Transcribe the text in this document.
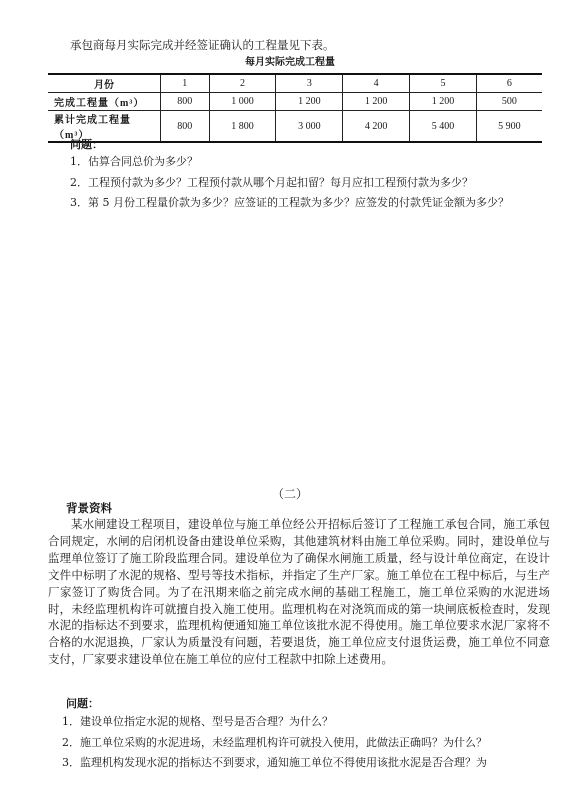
承包商每月实际完成并经签证确认的工程量见下表。
每月实际完成工程量
月份	1	2	3	4	5	6
完成工程量（m³）	800	1 000	1 200	1 200	1 200	500
累计完成工程量（m³）	800	1 800	3 000	4 200	5 400	5 900
问题：
1．估算合同总价为多少？
2．工程预付款为多少？工程预付款从哪个月起扣留？每月应扣工程预付款为多少？
3．第 5 月份工程量价款为多少？应签证的工程款为多少？应签发的付款凭证金额为多少？
（二）
背景资料

某水闸建设工程项目，建设单位与施工单位经公开招标后签订了工程施工承包合同，施工承包合同规定，水闸的启闭机设备由建设单位采购，其他建筑材料由施工单位采购。同时，建设单位与监理单位签订了施工阶段监理合同。建设单位为了确保水闸施工质量，经与设计单位商定，在设计文件中标明了水泥的规格、型号等技术指标，并指定了生产厂家。施工单位在工程中标后，与生产厂家签订了购货合同。为了在汛期来临之前完成水闸的基础工程施工，施工单位采购的水泥进场时，未经监理机构许可就擅自投入施工使用。监理机构在对浇筑而成的第一块闸底板检查时，发现水泥的指标达不到要求，监理机构便通知施工单位该批水泥不得使用。施工单位要求水泥厂家将不合格的水泥退换，厂家认为质量没有问题，若要退货，施工单位应支付退货运费，施工单位不同意支付，厂家要求建设单位在施工单位的应付工程款中扣除上述费用。

问题：
1．建设单位指定水泥的规格、型号是否合理？为什么？
2．施工单位采购的水泥进场，未经监理机构许可就投入使用，此做法正确吗？为什么？
3．监理机构发现水泥的指标达不到要求，通知施工单位不得使用该批水泥是否合理？为
